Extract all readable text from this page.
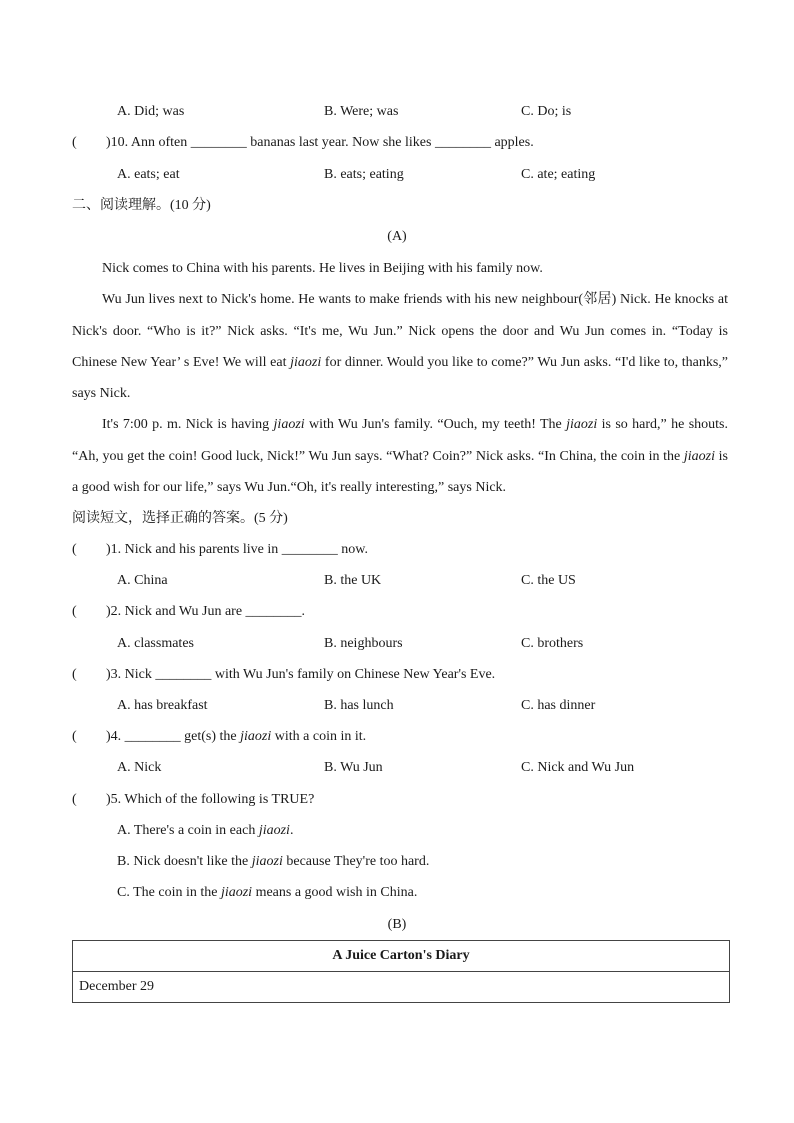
A. Did; was	B. Were; was	C. Do; is
( )10. Ann often ________ bananas last year. Now she likes ________ apples.
A. eats; eat	B. eats; eating	C. ate; eating
二、阅读理解。(10 分)
(A)

Nick comes to China with his parents. He lives in Beijing with his family now.

Wu Jun lives next to Nick's home. He wants to make friends with his new neighbour(邻居) Nick. He knocks at Nick's door. “Who is it?” Nick asks. “It's me, Wu Jun.” Nick opens the door and Wu Jun comes in. “Today is Chinese New Year’ s Eve! We will eat jiaozi for dinner. Would you like to come?” Wu Jun asks. “I'd like to, thanks,” says Nick.

It's 7:00 p. m. Nick is having jiaozi with Wu Jun's family. “Ouch, my teeth! The jiaozi is so hard,” he shouts. “Ah, you get the coin! Good luck, Nick!” Wu Jun says. “What? Coin?” Nick asks. “In China, the coin in the jiaozi is a good wish for our life,” says Wu Jun.“Oh, it's really interesting,” says Nick.

阅读短文，选择正确的答案。(5 分)
( )1. Nick and his parents live in ________ now.
A. China	B. the UK	C. the US
( )2. Nick and Wu Jun are ________.
A. classmates	B. neighbours	C. brothers
( )3. Nick ________ with Wu Jun's family on Chinese New Year's Eve.
A. has breakfast	B. has lunch	C. has dinner
( )4. ________ get(s) the jiaozi with a coin in it.
A. Nick	B. Wu Jun	C. Nick and Wu Jun
( )5. Which of the following is TRUE?
A. There's a coin in each jiaozi.
B. Nick doesn't like the jiaozi because They're too hard.
C. The coin in the jiaozi means a good wish in China.
(B)
A Juice Carton's Diary
December 29
